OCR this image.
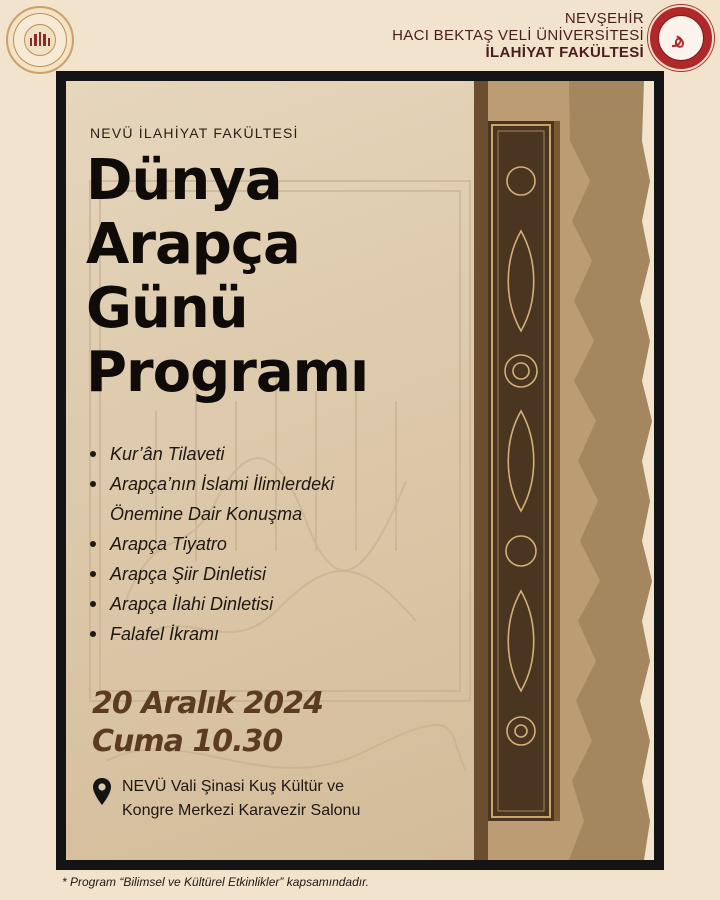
NEVŞEHİR
HACI BEKTAŞ VELİ ÜNİVERSİTESİ
İLAHİYAT FAKÜLTESİ ﻫ
NEVÜ İLAHİYAT FAKÜLTESİ
Dünya
Arapça
Günü
Programı
Kur’ân Tilaveti
Arapça’nın İslami İlimlerdeki
Önemine Dair Konuşma
Arapça Tiyatro
Arapça Şiir Dinletisi
Arapça İlahi Dinletisi
Falafel İkramı
20 Aralık 2024
Cuma 10.30
NEVÜ Vali Şinasi Kuş Kültür ve
Kongre Merkezi Karavezir Salonu
* Program “Bilimsel ve Kültürel Etkinlikler” kapsamındadır.
